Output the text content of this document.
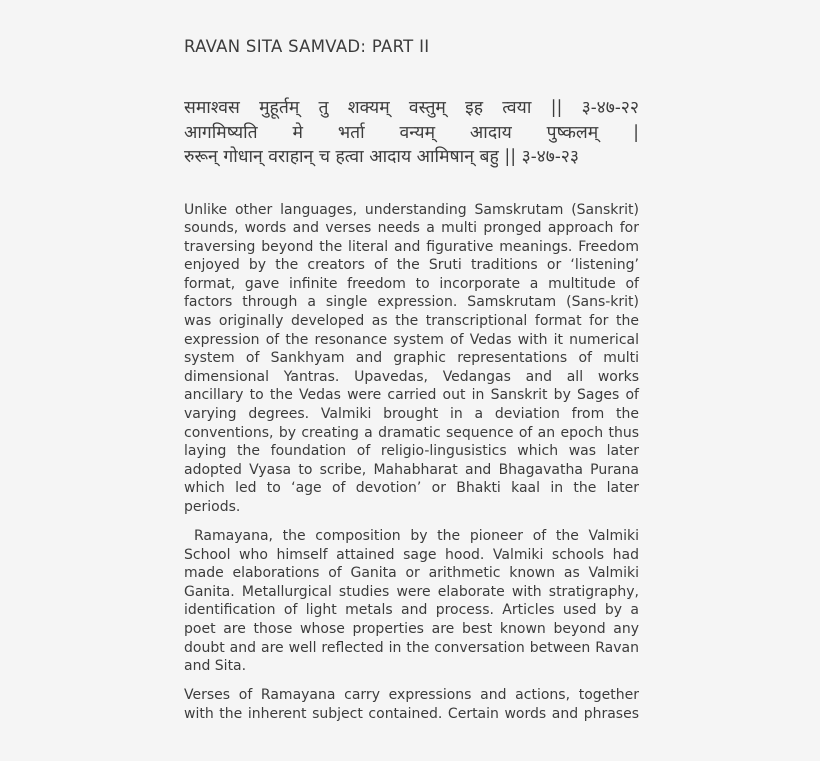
RAVAN SITA SAMVAD: PART II
समाश्वस मुहूर्तम् तु शक्यम् वस्तुम् इह त्वया || ३-४७-२२
आगमिष्यति मे भर्ता वन्यम् आदाय पुष्कलम् |
रुरून् गोधान् वराहान् च हत्वा आदाय आमिषान् बहु || ३-४७-२३
Unlike other languages, understanding Samskrutam (Sanskrit)
sounds, words and verses needs a multi pronged approach for
traversing beyond the literal and figurative meanings. Freedom
enjoyed by the creators of the Sruti traditions or ‘listening’
format, gave infinite freedom to incorporate a multitude of
factors through a single expression. Samskrutam (Sans-krit)
was originally developed as the transcriptional format for the
expression of the resonance system of Vedas with it numerical
system of Sankhyam and graphic representations of multi
dimensional Yantras. Upavedas, Vedangas and all works
ancillary to the Vedas were carried out in Sanskrit by Sages of
varying degrees. Valmiki brought in a deviation from the
conventions, by creating a dramatic sequence of an epoch thus
laying the foundation of religio-lingusistics which was later
adopted Vyasa to scribe, Mahabharat and Bhagavatha Purana
which led to ‘age of devotion’ or Bhakti kaal in the later
periods.
Ramayana, the composition by the pioneer of the Valmiki
School who himself attained sage hood. Valmiki schools had
made elaborations of Ganita or arithmetic known as Valmiki
Ganita. Metallurgical studies were elaborate with stratigraphy,
identification of light metals and process. Articles used by a
poet are those whose properties are best known beyond any
doubt and are well reflected in the conversation between Ravan
and Sita.
Verses of Ramayana carry expressions and actions, together
with the inherent subject contained. Certain words and phrases
